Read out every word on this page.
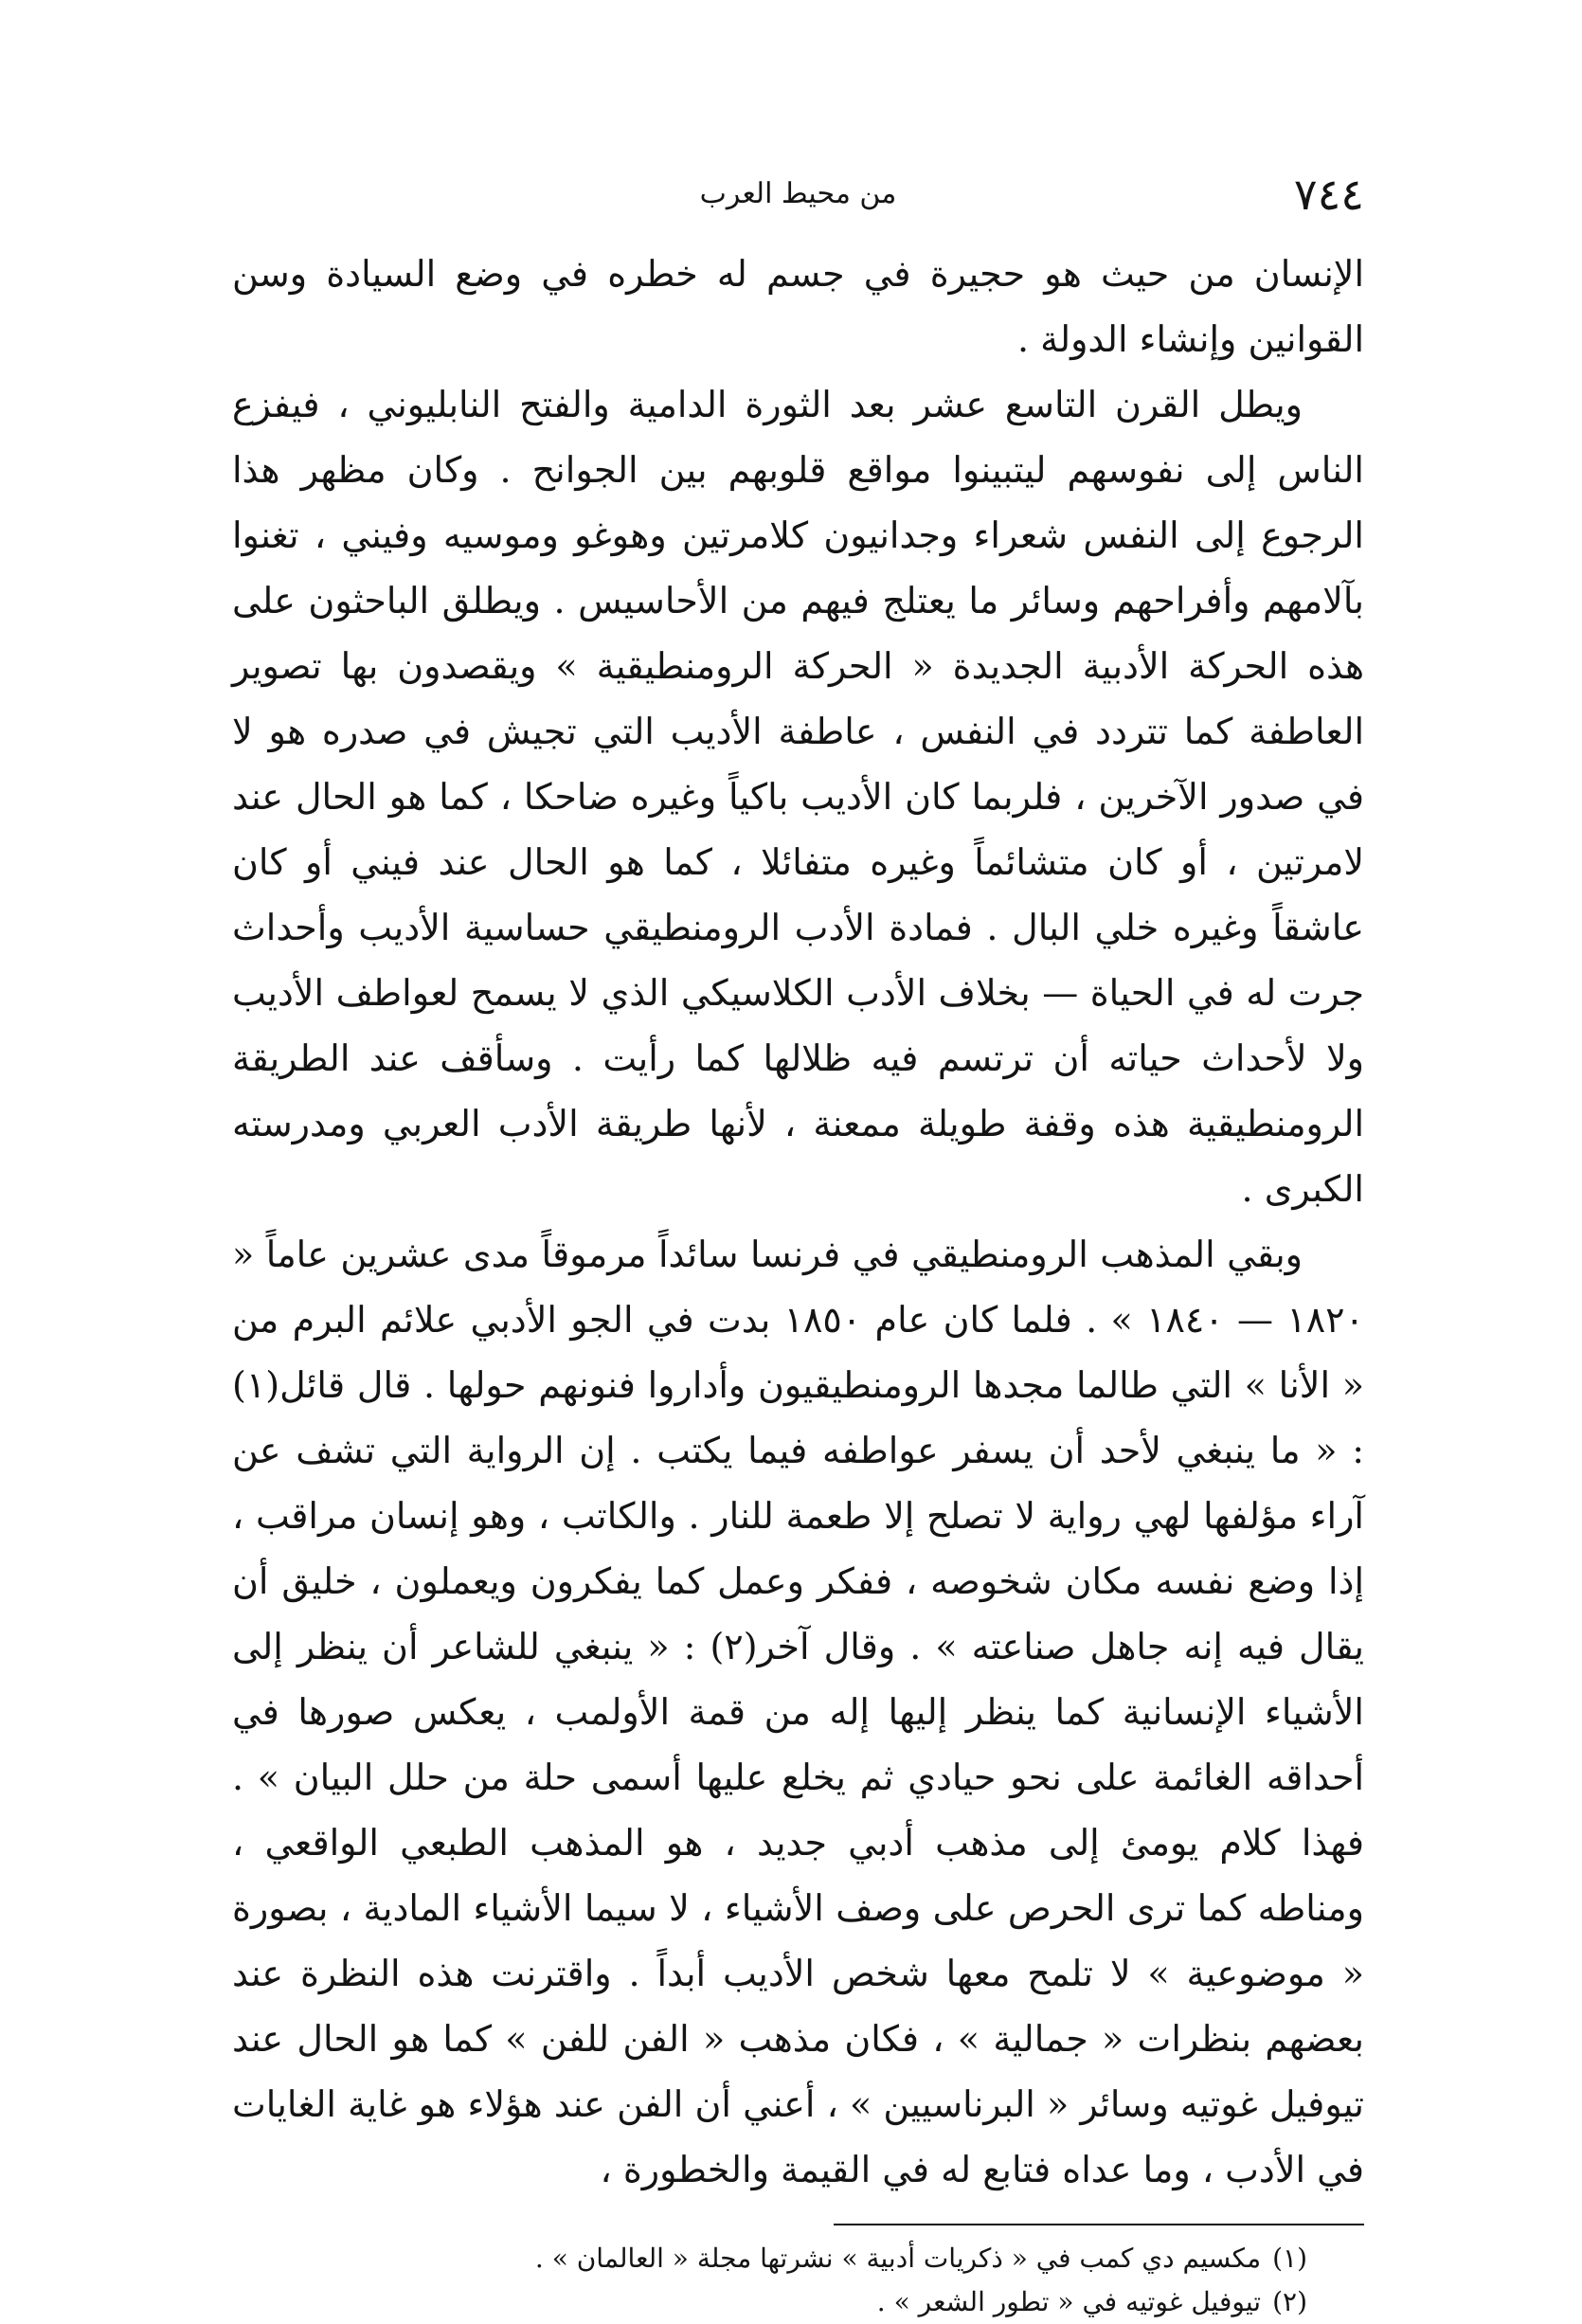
٧٤٤
من محيط العرب

الإنسان من حيث هو حجيرة في جسم له خطره في وضع السيادة وسن القوانين وإنشاء الدولة .

ويطل القرن التاسع عشر بعد الثورة الدامية والفتح النابليوني ، فيفزع الناس إلى نفوسهم ليتبينوا مواقع قلوبهم بين الجوانح . وكان مظهر هذا الرجوع إلى النفس شعراء وجدانيون كلامرتين وهوغو وموسيه وفيني ، تغنوا بآلامهم وأفراحهم وسائر ما يعتلج فيهم من الأحاسيس . ويطلق الباحثون على هذه الحركة الأدبية الجديدة « الحركة الرومنطيقية » ويقصدون بها تصوير العاطفة كما تتردد في النفس ، عاطفة الأديب التي تجيش في صدره هو لا في صدور الآخرين ، فلربما كان الأديب باكياً وغيره ضاحكا ، كما هو الحال عند لامرتين ، أو كان متشائماً وغيره متفائلا ، كما هو الحال عند فيني أو كان عاشقاً وغيره خلي البال . فمادة الأدب الرومنطيقي حساسية الأديب وأحداث جرت له في الحياة — بخلاف الأدب الكلاسيكي الذي لا يسمح لعواطف الأديب ولا لأحداث حياته أن ترتسم فيه ظلالها كما رأيت . وسأقف عند الطريقة الرومنطيقية هذه وقفة طويلة ممعنة ، لأنها طريقة الأدب العربي ومدرسته الكبرى .

وبقي المذهب الرومنطيقي في فرنسا سائداً مرموقاً مدى عشرين عاماً « ١٨٢٠ — ١٨٤٠ » . فلما كان عام ١٨٥٠ بدت في الجو الأدبي علائم البرم من « الأنا » التي طالما مجدها الرومنطيقيون وأداروا فنونهم حولها . قال قائل(١) : « ما ينبغي لأحد أن يسفر عواطفه فيما يكتب . إن الرواية التي تشف عن آراء مؤلفها لهي رواية لا تصلح إلا طعمة للنار . والكاتب ، وهو إنسان مراقب ، إذا وضع نفسه مكان شخوصه ، ففكر وعمل كما يفكرون ويعملون ، خليق أن يقال فيه إنه جاهل صناعته » . وقال آخر(٢) : « ينبغي للشاعر أن ينظر إلى الأشياء الإنسانية كما ينظر إليها إله من قمة الأولمب ، يعكس صورها في أحداقه الغائمة على نحو حيادي ثم يخلع عليها أسمى حلة من حلل البيان » . فهذا كلام يومئ إلى مذهب أدبي جديد ، هو المذهب الطبعي الواقعي ، ومناطه كما ترى الحرص على وصف الأشياء ، لا سيما الأشياء المادية ، بصورة « موضوعية » لا تلمح معها شخص الأديب أبداً . واقترنت هذه النظرة عند بعضهم بنظرات « جمالية » ، فكان مذهب « الفن للفن » كما هو الحال عند تيوفيل غوتيه وسائر « البرناسيين » ، أعني أن الفن عند هؤلاء هو غاية الغايات في الأدب ، وما عداه فتابع له في القيمة والخطورة ،

(١)
مكسيم دي كمب في « ذكريات أدبية » نشرتها مجلة « العالمان » .
(٢)
تيوفيل غوتيه في « تطور الشعر » .
